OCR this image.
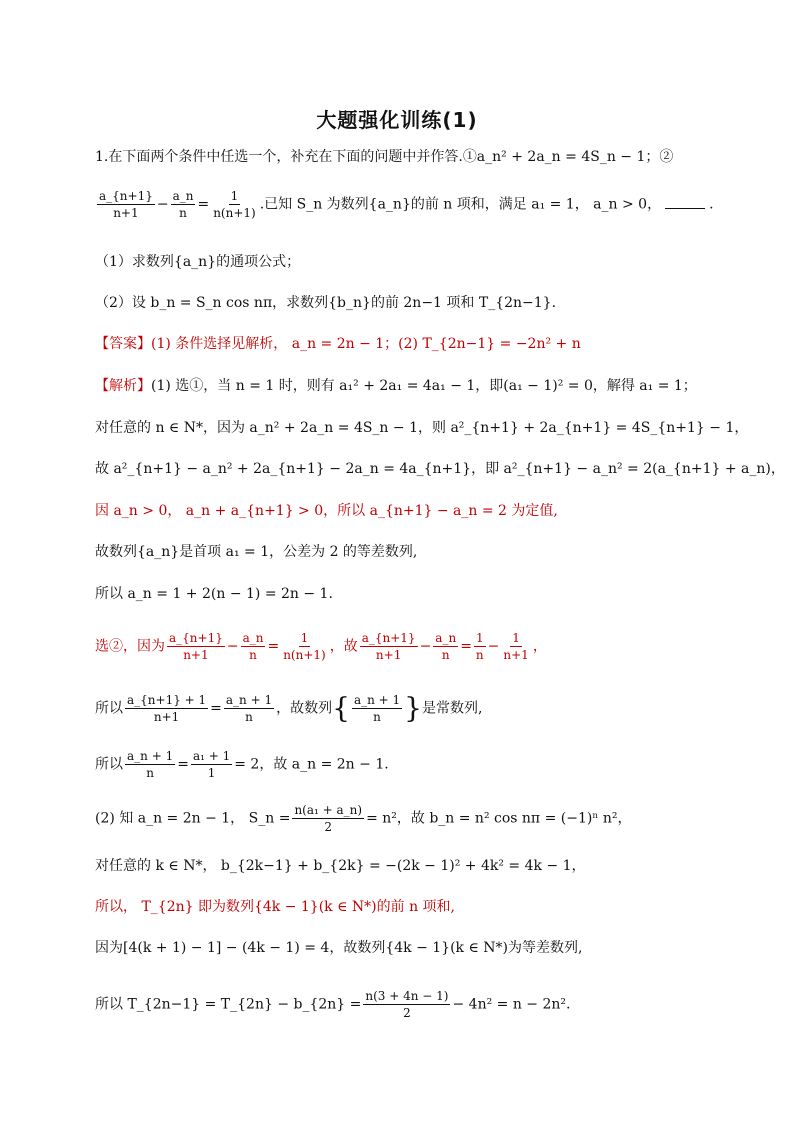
大题强化训练(1)
1.在下面两个条件中任选一个，补充在下面的问题中并作答.①a_n² + 2a_n = 4S_n − 1；②
$\frac{a\_\{n+1\}}{n+1} - \frac{a\_n}{n} = \frac{1}{n(n+1)}$ .已知 S_n 为数列{a_n}的前 n 项和，满足 a₁ = 1， a_n > 0，	.
（1）求数列{a_n}的通项公式；
（2）设 b_n = S_n cos nπ，求数列{b_n}的前 2n−1 项和 T_{2n−1}.
【答案】(1) 条件选择见解析， a_n = 2n − 1；(2) T_{2n−1} = −2n² + n
【解析】(1) 选①，当 n = 1 时，则有 a₁² + 2a₁ = 4a₁ − 1，即(a₁ − 1)² = 0，解得 a₁ = 1；
对任意的 n ∈ N*，因为 a_n² + 2a_n = 4S_n − 1，则 a²_{n+1} + 2a_{n+1} = 4S_{n+1} − 1，
故 a²_{n+1} − a_n² + 2a_{n+1} − 2a_n = 4a_{n+1}，即 a²_{n+1} − a_n² = 2(a_{n+1} + a_n)，
因 a_n > 0， a_n + a_{n+1} > 0，所以 a_{n+1} − a_n = 2 为定值,
故数列{a_n}是首项 a₁ = 1，公差为 2 的等差数列,
所以 a_n = 1 + 2(n − 1) = 2n − 1.
选②，因为 $\frac{a\_\{n+1\}}{n+1} - \frac{a\_n}{n} = \frac{1}{n(n+1)}$ ，故 $\frac{a\_\{n+1\}}{n+1} - \frac{a\_n}{n} = \frac{1}{n} - \frac{1}{n+1}$ ，
所以 $\frac{a\_\{n+1\} + 1}{n+1} = \frac{a\_n + 1}{n}$ ，故数列{ $\frac{a\_n + 1}{n}$ }是常数列,
所以 $\frac{a\_n + 1}{n} = \frac{\text{a₁ + 1}}{1} = 2$，故 a_n = 2n − 1.
(2) 知 a_n = 2n − 1， S_n = $\frac{\text{n(a₁ + a\_n)}}{2} = n^2$，故 b_n = n² cos nπ = (−1)ⁿ n²，
对任意的 k ∈ N*， b_{2k−1} + b_{2k} = −(2k − 1)² + 4k² = 4k − 1，
所以， T_{2n} 即为数列{4k − 1}(k ∈ N*)的前 n 项和,
因为[4(k + 1) − 1] − (4k − 1) = 4，故数列{4k − 1}(k ∈ N*)为等差数列,
所以 T_{2n−1} = T_{2n} − b_{2n} = $\frac{n(3 + 4n - 1)}{2} - 4n^2 = n - 2n^2$.
